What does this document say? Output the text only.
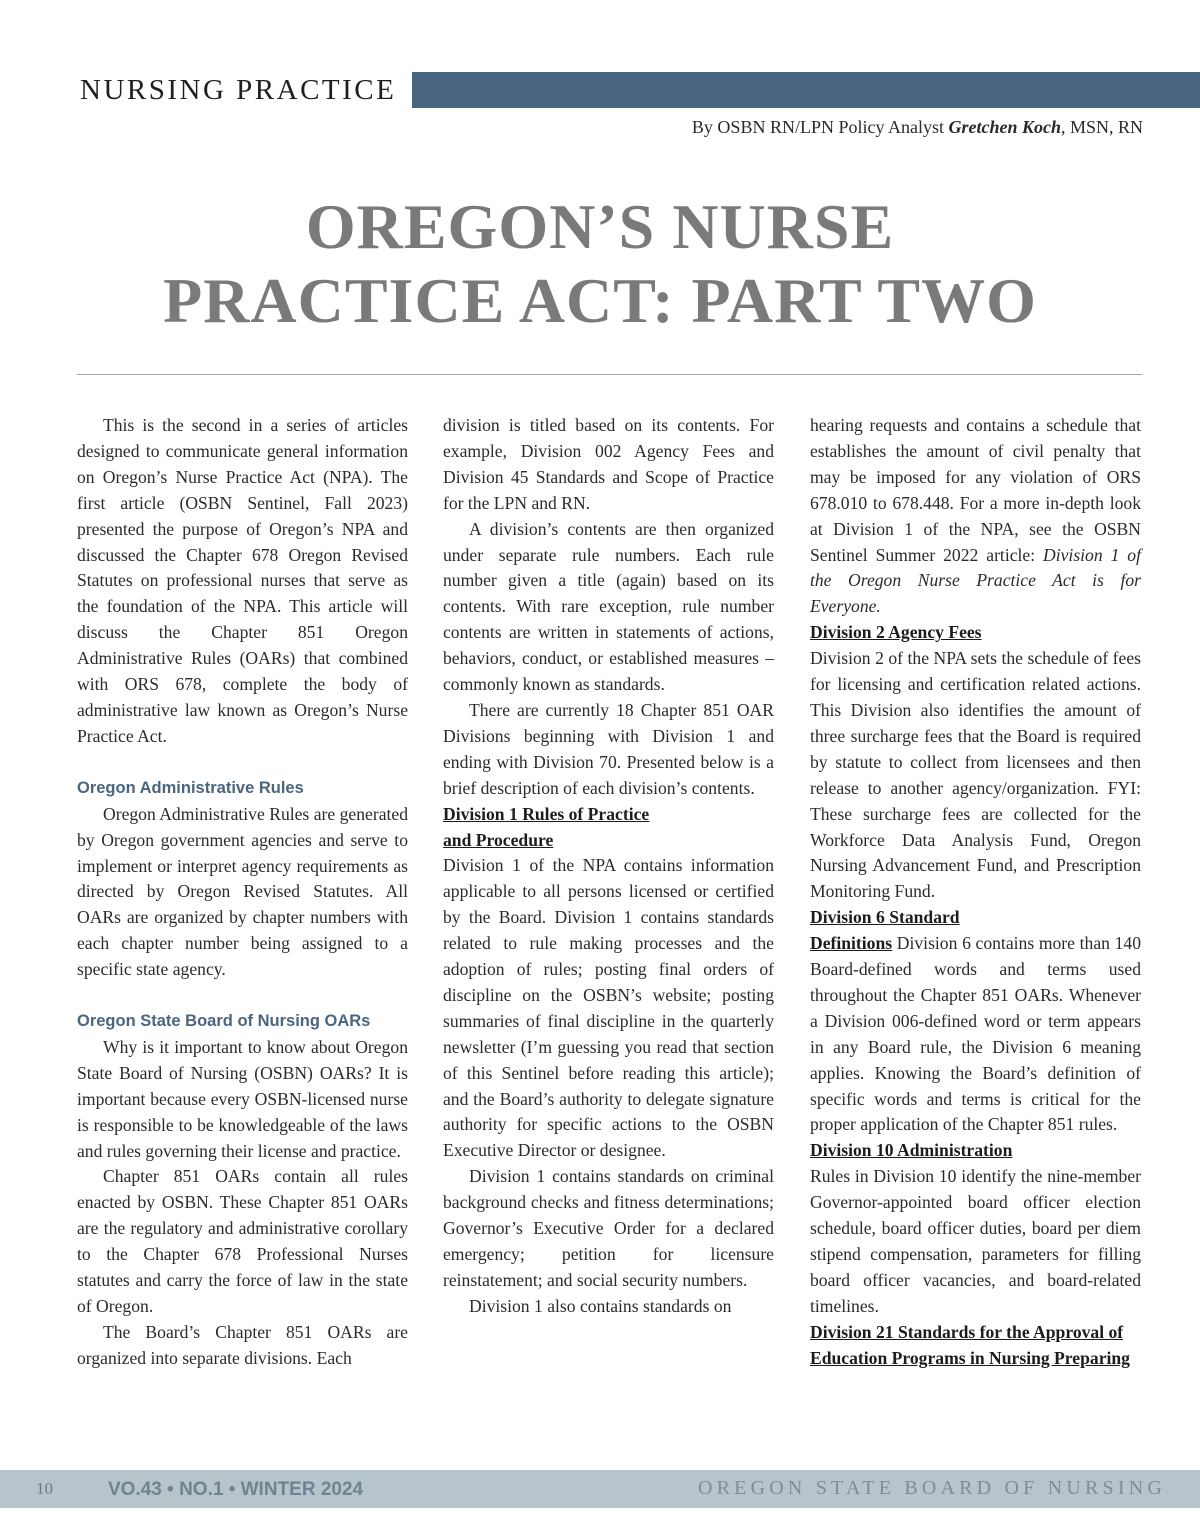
NURSING PRACTICE
By OSBN RN/LPN Policy Analyst Gretchen Koch, MSN, RN
OREGON’S NURSE
PRACTICE ACT: PART TWO

This is the second in a series of articles designed to communicate general information on Oregon’s Nurse Practice Act (NPA). The first article (OSBN Sentinel, Fall 2023) presented the purpose of Oregon’s NPA and discussed the Chapter 678 Oregon Revised Statutes on professional nurses that serve as the foundation of the NPA. This article will discuss the Chapter 851 Oregon Administrative Rules (OARs) that combined with ORS 678, complete the body of administrative law known as Oregon’s Nurse Practice Act.

Oregon Administrative Rules

Oregon Administrative Rules are generated by Oregon government agencies and serve to implement or interpret agency requirements as directed by Oregon Revised Statutes. All OARs are organized by chapter numbers with each chapter number being assigned to a specific state agency.

Oregon State Board of Nursing OARs

Why is it important to know about Oregon State Board of Nursing (OSBN) OARs? It is important because every OSBN-licensed nurse is responsible to be knowledgeable of the laws and rules governing their license and practice.

Chapter 851 OARs contain all rules enacted by OSBN. These Chapter 851 OARs are the regulatory and administrative corollary to the Chapter 678 Professional Nurses statutes and carry the force of law in the state of Oregon.

The Board’s Chapter 851 OARs are organized into separate divisions. Each

division is titled based on its contents. For example, Division 002 Agency Fees and Division 45 Standards and Scope of Practice for the LPN and RN.

A division’s contents are then organized under separate rule numbers. Each rule number given a title (again) based on its contents. With rare exception, rule number contents are written in statements of actions, behaviors, conduct, or established measures – commonly known as standards.

There are currently 18 Chapter 851 OAR Divisions beginning with Division 1 and ending with Division 70. Presented below is a brief description of each division’s contents.

Division 1 Rules of Practice
and Procedure

Division 1 of the NPA contains information applicable to all persons licensed or certified by the Board. Division 1 contains standards related to rule making processes and the adoption of rules; posting final orders of discipline on the OSBN’s website; posting summaries of final discipline in the quarterly newsletter (I’m guessing you read that section of this Sentinel before reading this article); and the Board’s authority to delegate signature authority for specific actions to the OSBN Executive Director or designee.

Division 1 contains standards on criminal background checks and fitness determinations; Governor’s Executive Order for a declared emergency; petition for licensure reinstatement; and social security numbers.

Division 1 also contains standards on

hearing requests and contains a schedule that establishes the amount of civil penalty that may be imposed for any violation of ORS 678.010 to 678.448. For a more in-depth look at Division 1 of the NPA, see the OSBN Sentinel Summer 2022 article: Division 1 of the Oregon Nurse Practice Act is for Everyone.

Division 2 Agency Fees

Division 2 of the NPA sets the schedule of fees for licensing and certification related actions. This Division also identifies the amount of three surcharge fees that the Board is required by statute to collect from licensees and then release to another agency/organization. FYI: These surcharge fees are collected for the Workforce Data Analysis Fund, Oregon Nursing Advancement Fund, and Prescription Monitoring Fund.

Division 6 Standard
Definitions Division 6 contains more than 140 Board-defined words and terms used throughout the Chapter 851 OARs. Whenever a Division 006-defined word or term appears in any Board rule, the Division 6 meaning applies. Knowing the Board’s definition of specific words and terms is critical for the proper application of the Chapter 851 rules.

Division 10 Administration

Rules in Division 10 identify the nine-member Governor-appointed board officer election schedule, board officer duties, board per diem stipend compensation, parameters for filling board officer vacancies, and board-related timelines.

Division 21 Standards for the Approval of
Education Programs in Nursing Preparing

10	VO.43 • NO.1 • WINTER 2024	OREGON STATE BOARD OF NURSING
